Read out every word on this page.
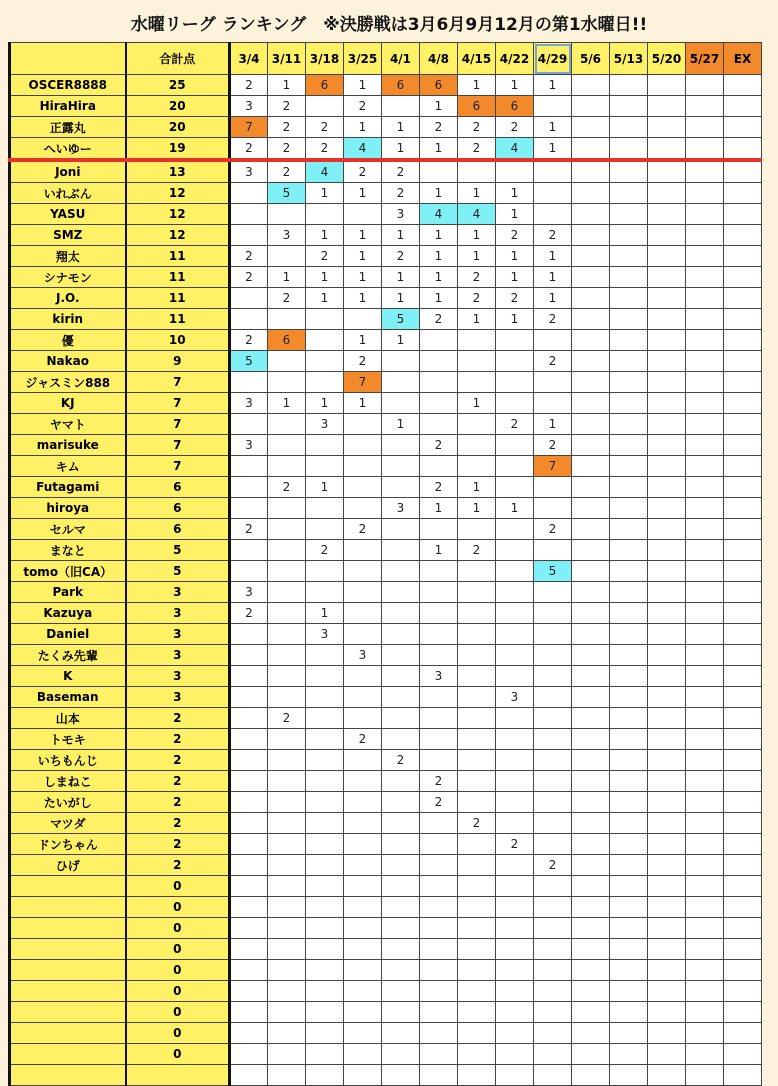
水曜リーグ ランキング　※決勝戦は3月6月9月12月の第1水曜日!!
	合計点	3/4	3/11	3/18	3/25	4/1	4/8	4/15	4/22	4/29	5/6	5/13	5/20	5/27	EX
OSCER8888	25	2	1	6	1	6	6	1	1	1					
HiraHira	20	3	2		2		1	6	6						
正露丸	20	7	2	2	1	1	2	2	2	1					
へいゆー	19	2	2	2	4	1	1	2	4	1					
Joni	13	3	2	4	2	2									
いれぶん	12		5	1	1	2	1	1	1						
YASU	12					3	4	4	1						
SMZ	12		3	1	1	1	1	1	2	2					
翔太	11	2		2	1	2	1	1	1	1					
シナモン	11	2	1	1	1	1	1	2	1	1					
J.O.	11		2	1	1	1	1	2	2	1					
kirin	11					5	2	1	1	2					
優	10	2	6		1	1									
Nakao	9	5			2					2					
ジャスミン888	7				7										
KJ	7	3	1	1	1			1							
ヤマト	7			3		1			2	1					
marisuke	7	3					2			2					
キム	7									7					
Futagami	6		2	1			2	1							
hiroya	6					3	1	1	1						
セルマ	6	2			2					2					
まなと	5			2			1	2							
tomo（旧CA）	5									5					
Park	3	3													
Kazuya	3	2		1											
Daniel	3			3											
たくみ先輩	3				3										
K	3						3								
Baseman	3								3						
山本	2		2												
トモキ	2				2										
いちもんじ	2					2									
しまねこ	2						2								
たいがし	2						2								
マツダ	2							2							
ドンちゃん	2								2						
ひげ	2									2					
	0														
	0														
	0														
	0														
	0														
	0														
	0														
	0														
	0														
